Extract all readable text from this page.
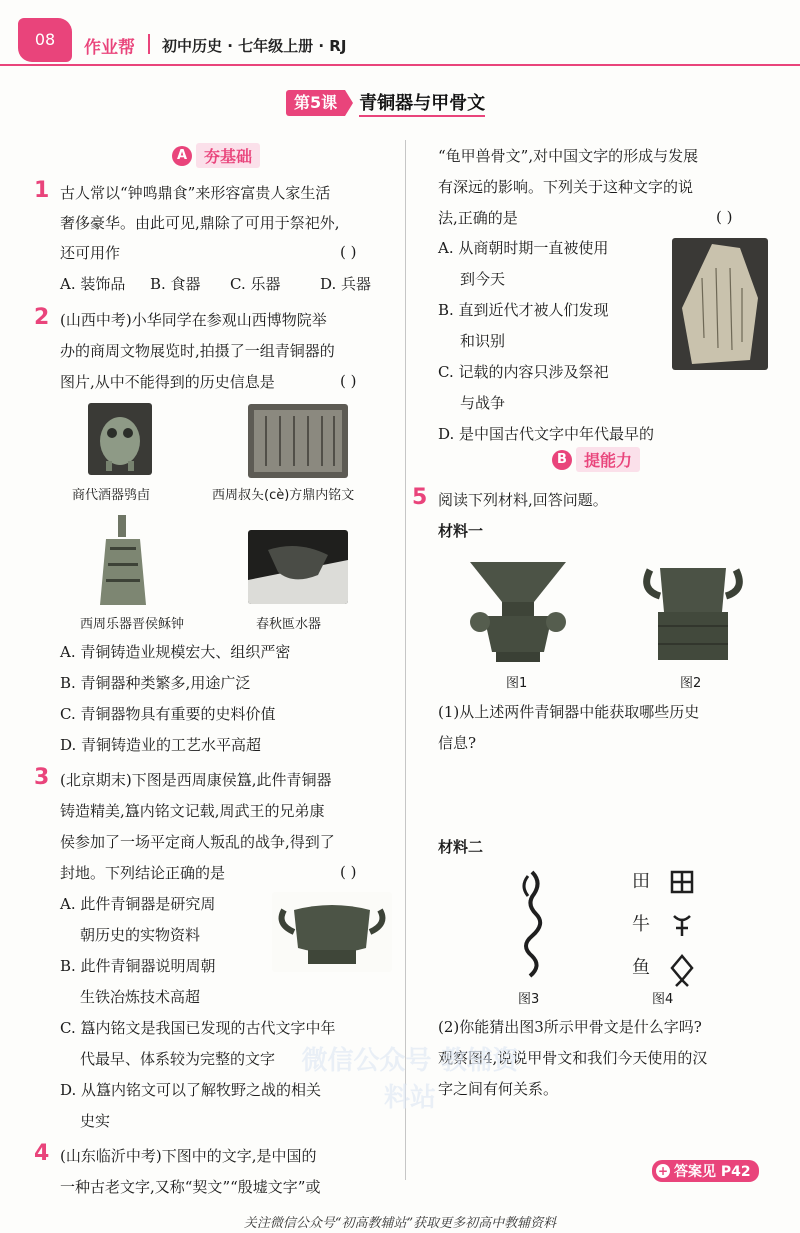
08	作业帮 初中历史 · 七年级上册 · RJ
第5课	青铜器与甲骨文
A	夯基础
1 古人常以“钟鸣鼎食”来形容富贵人家生活
奢侈豪华。由此可见,鼎除了可用于祭祀外,
还可用作	( )
A. 装饰品 B. 食器 C. 乐器	D. 兵器
2 (山西中考)小华同学在参观山西博物院举
办的商周文物展览时,拍摄了一组青铜器的
图片,从中不能得到的历史信息是	( )
商代酒器鸮卣	西周叔夨(cè)方鼎内铭文
西周乐器晋侯稣钟	春秋匜水器
A. 青铜铸造业规模宏大、组织严密
B. 青铜器种类繁多,用途广泛
C. 青铜器物具有重要的史料价值
D. 青铜铸造业的工艺水平高超
3 (北京期末)下图是西周康侯簋,此件青铜器
铸造精美,簋内铭文记载,周武王的兄弟康
侯参加了一场平定商人叛乱的战争,得到了
封地。下列结论正确的是	( )
A. 此件青铜器是研究周
朝历史的实物资料
B. 此件青铜器说明周朝
生铁冶炼技术高超
C. 簋内铭文是我国已发现的古代文字中年
代最早、体系较为完整的文字
D. 从簋内铭文可以了解牧野之战的相关
史实
4 (山东临沂中考)下图中的文字,是中国的
一种古老文字,又称“契文”“殷墟文字”或
“龟甲兽骨文”,对中国文字的形成与发展
有深远的影响。下列关于这种文字的说
法,正确的是	( )
A. 从商朝时期一直被使用
到今天
B. 直到近代才被人们发现
和识别
C. 记载的内容只涉及祭祀
与战争
D. 是中国古代文字中年代最早的
B	提能力
5 阅读下列材料,回答问题。
材料一
图1	图2
(1)从上述两件青铜器中能获取哪些历史
信息?
材料二
图3
田
牛
鱼
图4
(2)你能猜出图3所示甲骨文是什么字吗?
观察图4,说说甲骨文和我们今天使用的汉
字之间有何关系。
微信公众号 教辅资料站
+ 答案见 P42
关注微信公众号“初高教辅站”获取更多初高中教辅资料
